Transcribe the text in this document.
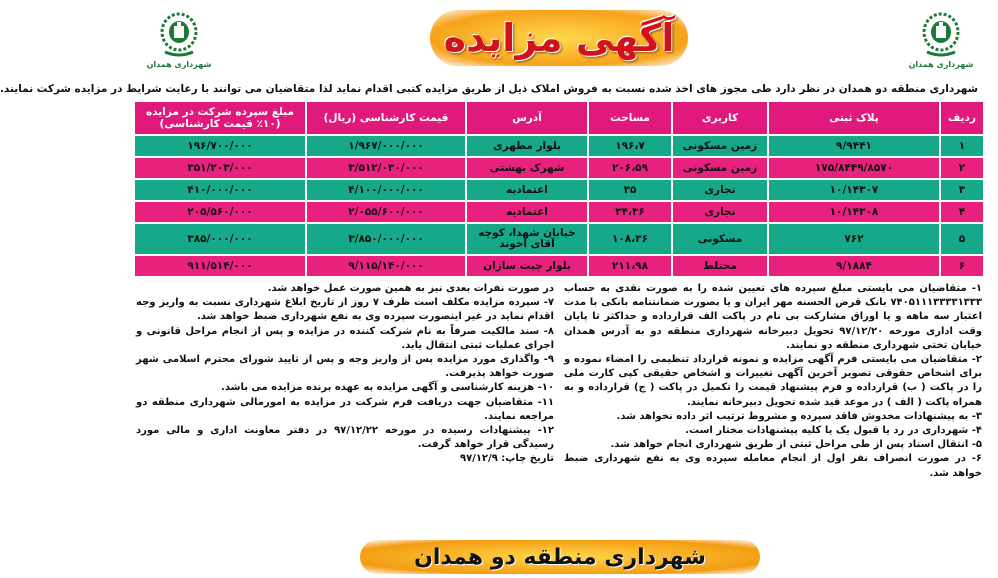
شهرداری همدان
آگهی مزایده
شهرداری همدان
شهرداری منطقه دو همدان در نظر دارد طی مجوز های اخذ شده نسبت به فروش املاک ذیل از طریق مزایده کتبی اقدام نماید لذا متقاضیان می توانند با رعایت شرایط در مزایده شرکت نمایند.
ردیف	پلاک ثبتی	کاربری	مساحت	آدرس	قیمت کارشناسی (ریال)	مبلغ سپرده شرکت در مزایده (۱۰٪ قیمت کارشناسی)
۱	۹/۹۴۴۱	زمین مسکونی	۱۹۶،۷	بلوار مطهری	۱/۹۶۷/۰۰۰/۰۰۰	۱۹۶/۷۰۰/۰۰۰
۲	۱۷۵/۸۴۴۹/۸۵۷۰	زمین مسکونی	۲۰۶،۵۹	شهرک بهشتی	۳/۵۱۲/۰۳۰/۰۰۰	۳۵۱/۲۰۳/۰۰۰
۳	۱۰/۱۴۳۰۷	تجاری	۳۵	اعتمادیه	۴/۱۰۰/۰۰۰/۰۰۰	۴۱۰/۰۰۰/۰۰۰
۴	۱۰/۱۴۳۰۸	تجاری	۳۴،۳۶	اعتمادیه	۲/۰۵۵/۶۰۰/۰۰۰	۲۰۵/۵۶۰/۰۰۰
۵	۷۶۲	مسکونی	۱۰۸،۳۶	خیابان شهدا، کوچه آقای آخوند	۳/۸۵۰/۰۰۰/۰۰۰	۳۸۵/۰۰۰/۰۰۰
۶	۹/۱۸۸۴	مختلط	۲۱۱،۹۸	بلوار چیت سازان	۹/۱۱۵/۱۴۰/۰۰۰	۹۱۱/۵۱۴/۰۰۰

۱- متقاضیان می بایستی مبلغ سپرده های تعیین شده را به صورت نقدی به حساب ۷۴۰۵۱۱۱۳۳۳۳۱۳۳۳ بانک قرض الحسنه مهر ایران و یا بصورت ضمانتنامه بانکی با مدت اعتبار سه ماهه و یا اوراق مشارکت بی نام در پاکت الف قرارداده و حداکثر تا پایان وقت اداری مورخه ۹۷/۱۲/۲۰ تحویل دبیرخانه شهرداری منطقه دو به آدرس همدان خیابان تختی شهرداری منطقه دو نمایند.

۲- متقاضیان می بایستی فرم آگهی مزایده و نمونه قرارداد تنظیمی را امضاء نموده و برای اشخاص حقوقی تصویر آخرین آگهی تغییرات و اشخاص حقیقی کپی کارت ملی را در پاکت ( ب) قرارداده و فرم پیشنهاد قیمت را تکمیل در پاکت ( ج) قرارداده و به همراه پاکت ( الف ) در موعد قید شده تحویل دبیرخانه نمایند.

۳- به پیشنهادات مخدوش فاقد سپرده و مشروط ترتیب اثر داده نخواهد شد.

۴- شهرداری در رد یا قبول یک یا کلیه پیشنهادات مختار است.

۵- انتقال اسناد پس از طی مراحل ثبتی از طریق شهرداری انجام خواهد شد.

۶- در صورت انصراف نفر اول از انجام معامله سپرده وی به نفع شهرداری ضبط خواهد شد.

در صورت نفرات بعدی نیز به همین صورت عمل خواهد شد.

۷- سپرده مزایده مکلف است ظرف ۷ روز از تاریخ ابلاغ شهرداری نسبت به واریز وجه اقدام نماید در غیر اینصورت سپرده وی به نفع شهرداری ضبط خواهد شد.

۸- سند مالکیت صرفاً به نام شرکت کننده در مزایده و پس از انجام مراحل قانونی و اجرای عملیات ثبتی انتقال یابد.

۹- واگذاری مورد مزایده پس از واریز وجه و پس از تایید شورای محترم اسلامی شهر صورت خواهد پذیرفت.

۱۰- هزینه کارشناسی و آگهی مزایده به عهده برنده مزایده می باشد.

۱۱- متقاضیان جهت دریافت فرم شرکت در مزایده به امورمالی شهرداری منطقه دو مراجعه نمایند.

۱۲- پیشنهادات رسیده در مورخه ۹۷/۱۲/۲۲ در دفتر معاونت اداری و مالی مورد رسیدگی قرار خواهد گرفت.

تاریخ چاپ: ۹۷/۱۲/۹

شهرداری منطقه دو همدان
